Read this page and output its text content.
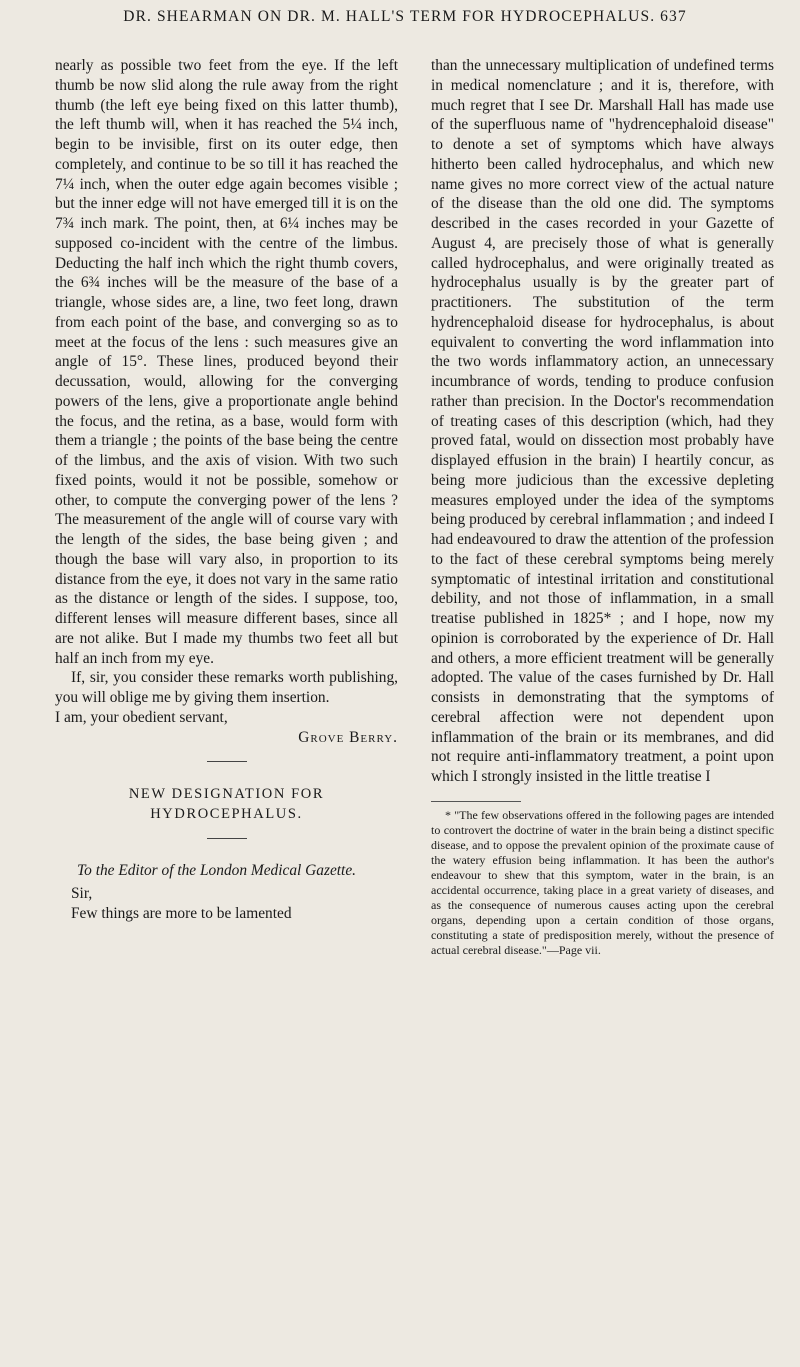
DR. SHEARMAN ON DR. M. HALL'S TERM FOR HYDROCEPHALUS. 637

nearly as possible two feet from the eye. If the left thumb be now slid along the rule away from the right thumb (the left eye being fixed on this latter thumb), the left thumb will, when it has reached the 5¼ inch, begin to be invisible, first on its outer edge, then completely, and continue to be so till it has reached the 7¼ inch, when the outer edge again becomes visible ; but the inner edge will not have emerged till it is on the 7¾ inch mark. The point, then, at 6¼ inches may be supposed co-incident with the centre of the limbus. Deducting the half inch which the right thumb covers, the 6¾ inches will be the measure of the base of a triangle, whose sides are, a line, two feet long, drawn from each point of the base, and converging so as to meet at the focus of the lens : such measures give an angle of 15°. These lines, produced beyond their decussation, would, allowing for the converging powers of the lens, give a proportionate angle behind the focus, and the retina, as a base, would form with them a triangle ; the points of the base being the centre of the limbus, and the axis of vision. With two such fixed points, would it not be possible, somehow or other, to compute the converging power of the lens ? The measurement of the angle will of course vary with the length of the sides, the base being given ; and though the base will vary also, in proportion to its distance from the eye, it does not vary in the same ratio as the distance or length of the sides. I suppose, too, different lenses will measure different bases, since all are not alike. But I made my thumbs two feet all but half an inch from my eye.

If, sir, you consider these remarks worth publishing, you will oblige me by giving them insertion.

I am, your obedient servant,

Grove Berry.

NEW DESIGNATION FOR HYDROCEPHALUS.

To the Editor of the London Medical Gazette.

Sir,

Few things are more to be lamented

than the unnecessary multiplication of undefined terms in medical nomenclature ; and it is, therefore, with much regret that I see Dr. Marshall Hall has made use of the superfluous name of "hydrencephaloid disease" to denote a set of symptoms which have always hitherto been called hydrocephalus, and which new name gives no more correct view of the actual nature of the disease than the old one did. The symptoms described in the cases recorded in your Gazette of August 4, are precisely those of what is generally called hydrocephalus, and were originally treated as hydrocephalus usually is by the greater part of practitioners. The substitution of the term hydrencephaloid disease for hydrocephalus, is about equivalent to converting the word inflammation into the two words inflammatory action, an unnecessary incumbrance of words, tending to produce confusion rather than precision. In the Doctor's recommendation of treating cases of this description (which, had they proved fatal, would on dissection most probably have displayed effusion in the brain) I heartily concur, as being more judicious than the excessive depleting measures employed under the idea of the symptoms being produced by cerebral inflammation ; and indeed I had endeavoured to draw the attention of the profession to the fact of these cerebral symptoms being merely symptomatic of intestinal irritation and constitutional debility, and not those of inflammation, in a small treatise published in 1825* ; and I hope, now my opinion is corroborated by the experience of Dr. Hall and others, a more efficient treatment will be generally adopted. The value of the cases furnished by Dr. Hall consists in demonstrating that the symptoms of cerebral affection were not dependent upon inflammation of the brain or its membranes, and did not require anti-inflammatory treatment, a point upon which I strongly insisted in the little treatise I

* "The few observations offered in the following pages are intended to controvert the doctrine of water in the brain being a distinct specific disease, and to oppose the prevalent opinion of the proximate cause of the watery effusion being inflammation. It has been the author's endeavour to shew that this symptom, water in the brain, is an accidental occurrence, taking place in a great variety of diseases, and as the consequence of numerous causes acting upon the cerebral organs, depending upon a certain condition of those organs, constituting a state of predisposition merely, without the presence of actual cerebral disease."—Page vii.
